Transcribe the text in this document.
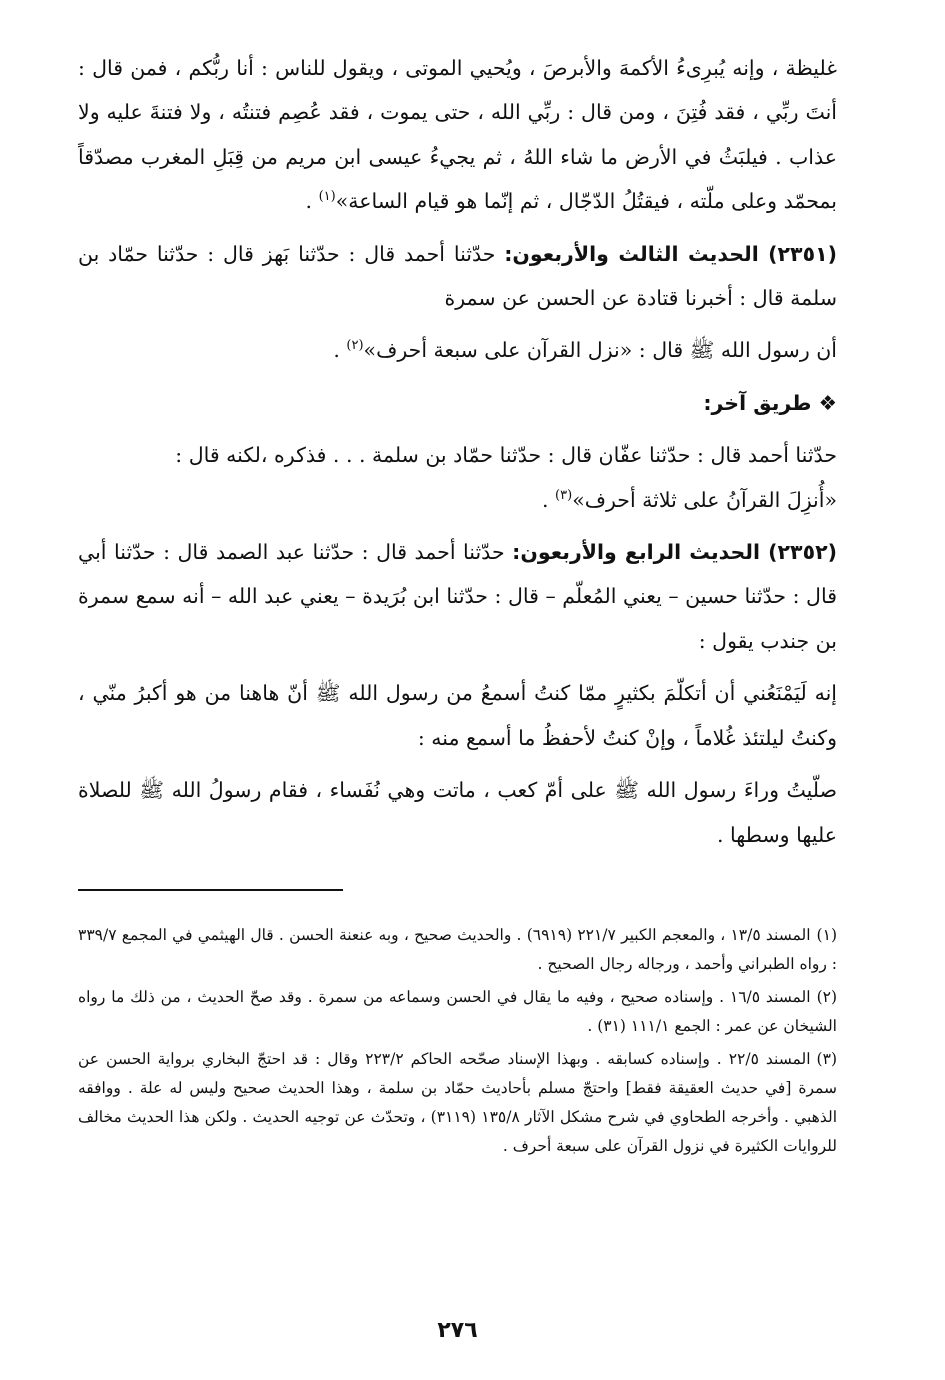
غليظة ، وإنه يُبرِىءُ الأكمهَ والأبرصَ ، ويُحيي الموتى ، ويقول للناس : أنا ربُّكم ، فمن قال : أنتَ ربِّي ، فقد فُتِنَ ، ومن قال : ربِّي الله ، حتى يموت ، فقد عُصِم فتنتُه ، ولا فتنةَ عليه ولا عذاب . فيلبَثُ في الأرض ما شاء اللهُ ، ثم يجيءُ عيسى ابن مريم من قِبَلِ المغرب مصدّقاً بمحمّد وعلى ملّته ، فيقتُلُ الدّجّال ، ثم إنّما هو قيام الساعة»$^{(١)}$ .

(٢٣٥١) الحديث الثالث والأربعون: حدّثنا أحمد قال : حدّثنا بَهز قال : حدّثنا حمّاد بن سلمة قال : أخبرنا قتادة عن الحسن عن سمرة

أن رسول الله ﷺ قال : «نزل القرآن على سبعة أحرف»$^{(٢)}$ .

❖ طريق آخر:

حدّثنا أحمد قال : حدّثنا عفّان قال : حدّثنا حمّاد بن سلمة . . . فذكره ،لكنه قال :

«أُنزِلَ القرآنُ على ثلاثة أحرف»$^{(٣)}$ .

(٢٣٥٢) الحديث الرابع والأربعون: حدّثنا أحمد قال : حدّثنا عبد الصمد قال : حدّثنا أبي قال : حدّثنا حسين – يعني المُعلّم – قال : حدّثنا ابن بُرَيدة – يعني عبد الله – أنه سمع سمرة بن جندب يقول :

إنه لَيَمْنَعُني أن أتكلّمَ بكثيرٍ ممّا كنتُ أسمعُ من رسول الله ﷺ أنّ هاهنا من هو أكبرُ منّي ، وكنتُ ليلتئذ غُلاماً ، وإنْ كنتُ لأحفظُ ما أسمع منه :

صلّيتُ وراءَ رسول الله ﷺ على أمّ كعب ، ماتت وهي نُفَساء ، فقام رسولُ الله ﷺ للصلاة عليها وسطها .

(١)المسند ١٣/٥ ، والمعجم الكبير ٢٢١/٧ (٦٩١٩) . والحديث صحيح ، وبه عنعنة الحسن . قال الهيثمي في المجمع ٣٣٩/٧ : رواه الطبراني وأحمد ، ورجاله رجال الصحيح .

(٢)المسند ١٦/٥ . وإسناده صحيح ، وفيه ما يقال في الحسن وسماعه من سمرة . وقد صحّ الحديث ، من ذلك ما رواه الشيخان عن عمر : الجمع ١١١/١ (٣١) .

(٣)المسند ٢٢/٥ . وإسناده كسابقه . وبهذا الإسناد صحّحه الحاكم ٢٢٣/٢ وقال : قد احتجّ البخاري برواية الحسن عن سمرة [في حديث العقيقة فقط] واحتجّ مسلم بأحاديث حمّاد بن سلمة ، وهذا الحديث صحيح وليس له علة . ووافقه الذهبي . وأخرجه الطحاوي في شرح مشكل الآثار ١٣٥/٨ (٣١١٩) ، وتحدّث عن توجيه الحديث . ولكن هذا الحديث مخالف للروايات الكثيرة في نزول القرآن على سبعة أحرف .

٢٧٦
